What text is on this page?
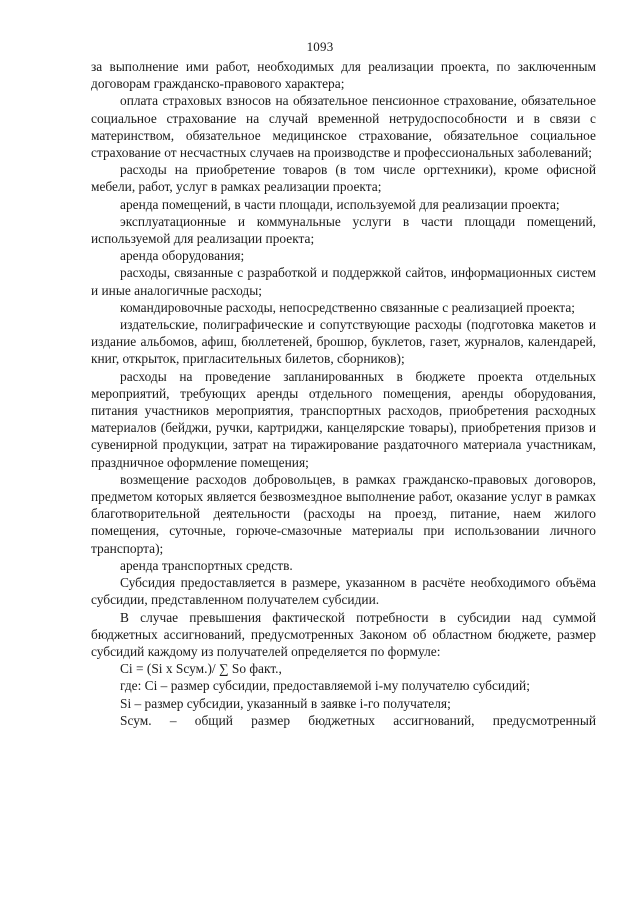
1093

за выполнение ими работ, необходимых для реализации проекта, по заключенным договорам гражданско-правового характера;

оплата страховых взносов на обязательное пенсионное страхование, обязательное социальное страхование на случай временной нетрудоспособности и в связи с материнством, обязательное медицинское страхование, обязательное социальное страхование от несчастных случаев на производстве и профессиональных заболеваний;

расходы на приобретение товаров (в том числе оргтехники), кроме офисной мебели, работ, услуг в рамках реализации проекта;

аренда помещений, в части площади, используемой для реализации проекта;

эксплуатационные и коммунальные услуги в части площади помещений, используемой для реализации проекта;

аренда оборудования;

расходы, связанные с разработкой и поддержкой сайтов, информационных систем и иные аналогичные расходы;

командировочные расходы, непосредственно связанные с реализацией проекта;

издательские, полиграфические и сопутствующие расходы (подготовка макетов и издание альбомов, афиш, бюллетеней, брошюр, буклетов, газет, журналов, календарей, книг, открыток, пригласительных билетов, сборников);

расходы на проведение запланированных в бюджете проекта отдельных мероприятий, требующих аренды отдельного помещения, аренды оборудования, питания участников мероприятия, транспортных расходов, приобретения расходных материалов (бейджи, ручки, картриджи, канцелярские товары), приобретения призов и сувенирной продукции, затрат на тиражирование раздаточного материала участникам, праздничное оформление помещения;

возмещение расходов добровольцев, в рамках гражданско-правовых договоров, предметом которых является безвозмездное выполнение работ, оказание услуг в рамках благотворительной деятельности (расходы на проезд, питание, наем жилого помещения, суточные, горюче-смазочные материалы при использовании личного транспорта);

аренда транспортных средств.

Субсидия предоставляется в размере, указанном в расчёте необходимого объёма субсидии, представленном получателем субсидии.

В случае превышения фактической потребности в субсидии над суммой бюджетных ассигнований, предусмотренных Законом об областном бюджете, размер субсидий каждому из получателей определяется по формуле:

Ci = (Si x Sсум.)/ ∑ So факт.,

где: Ci – размер субсидии, предоставляемой i-му получателю субсидий;

Si – размер субсидии, указанный в заявке i-го получателя;

Sсум. – общий размер бюджетных ассигнований, предусмотренный
